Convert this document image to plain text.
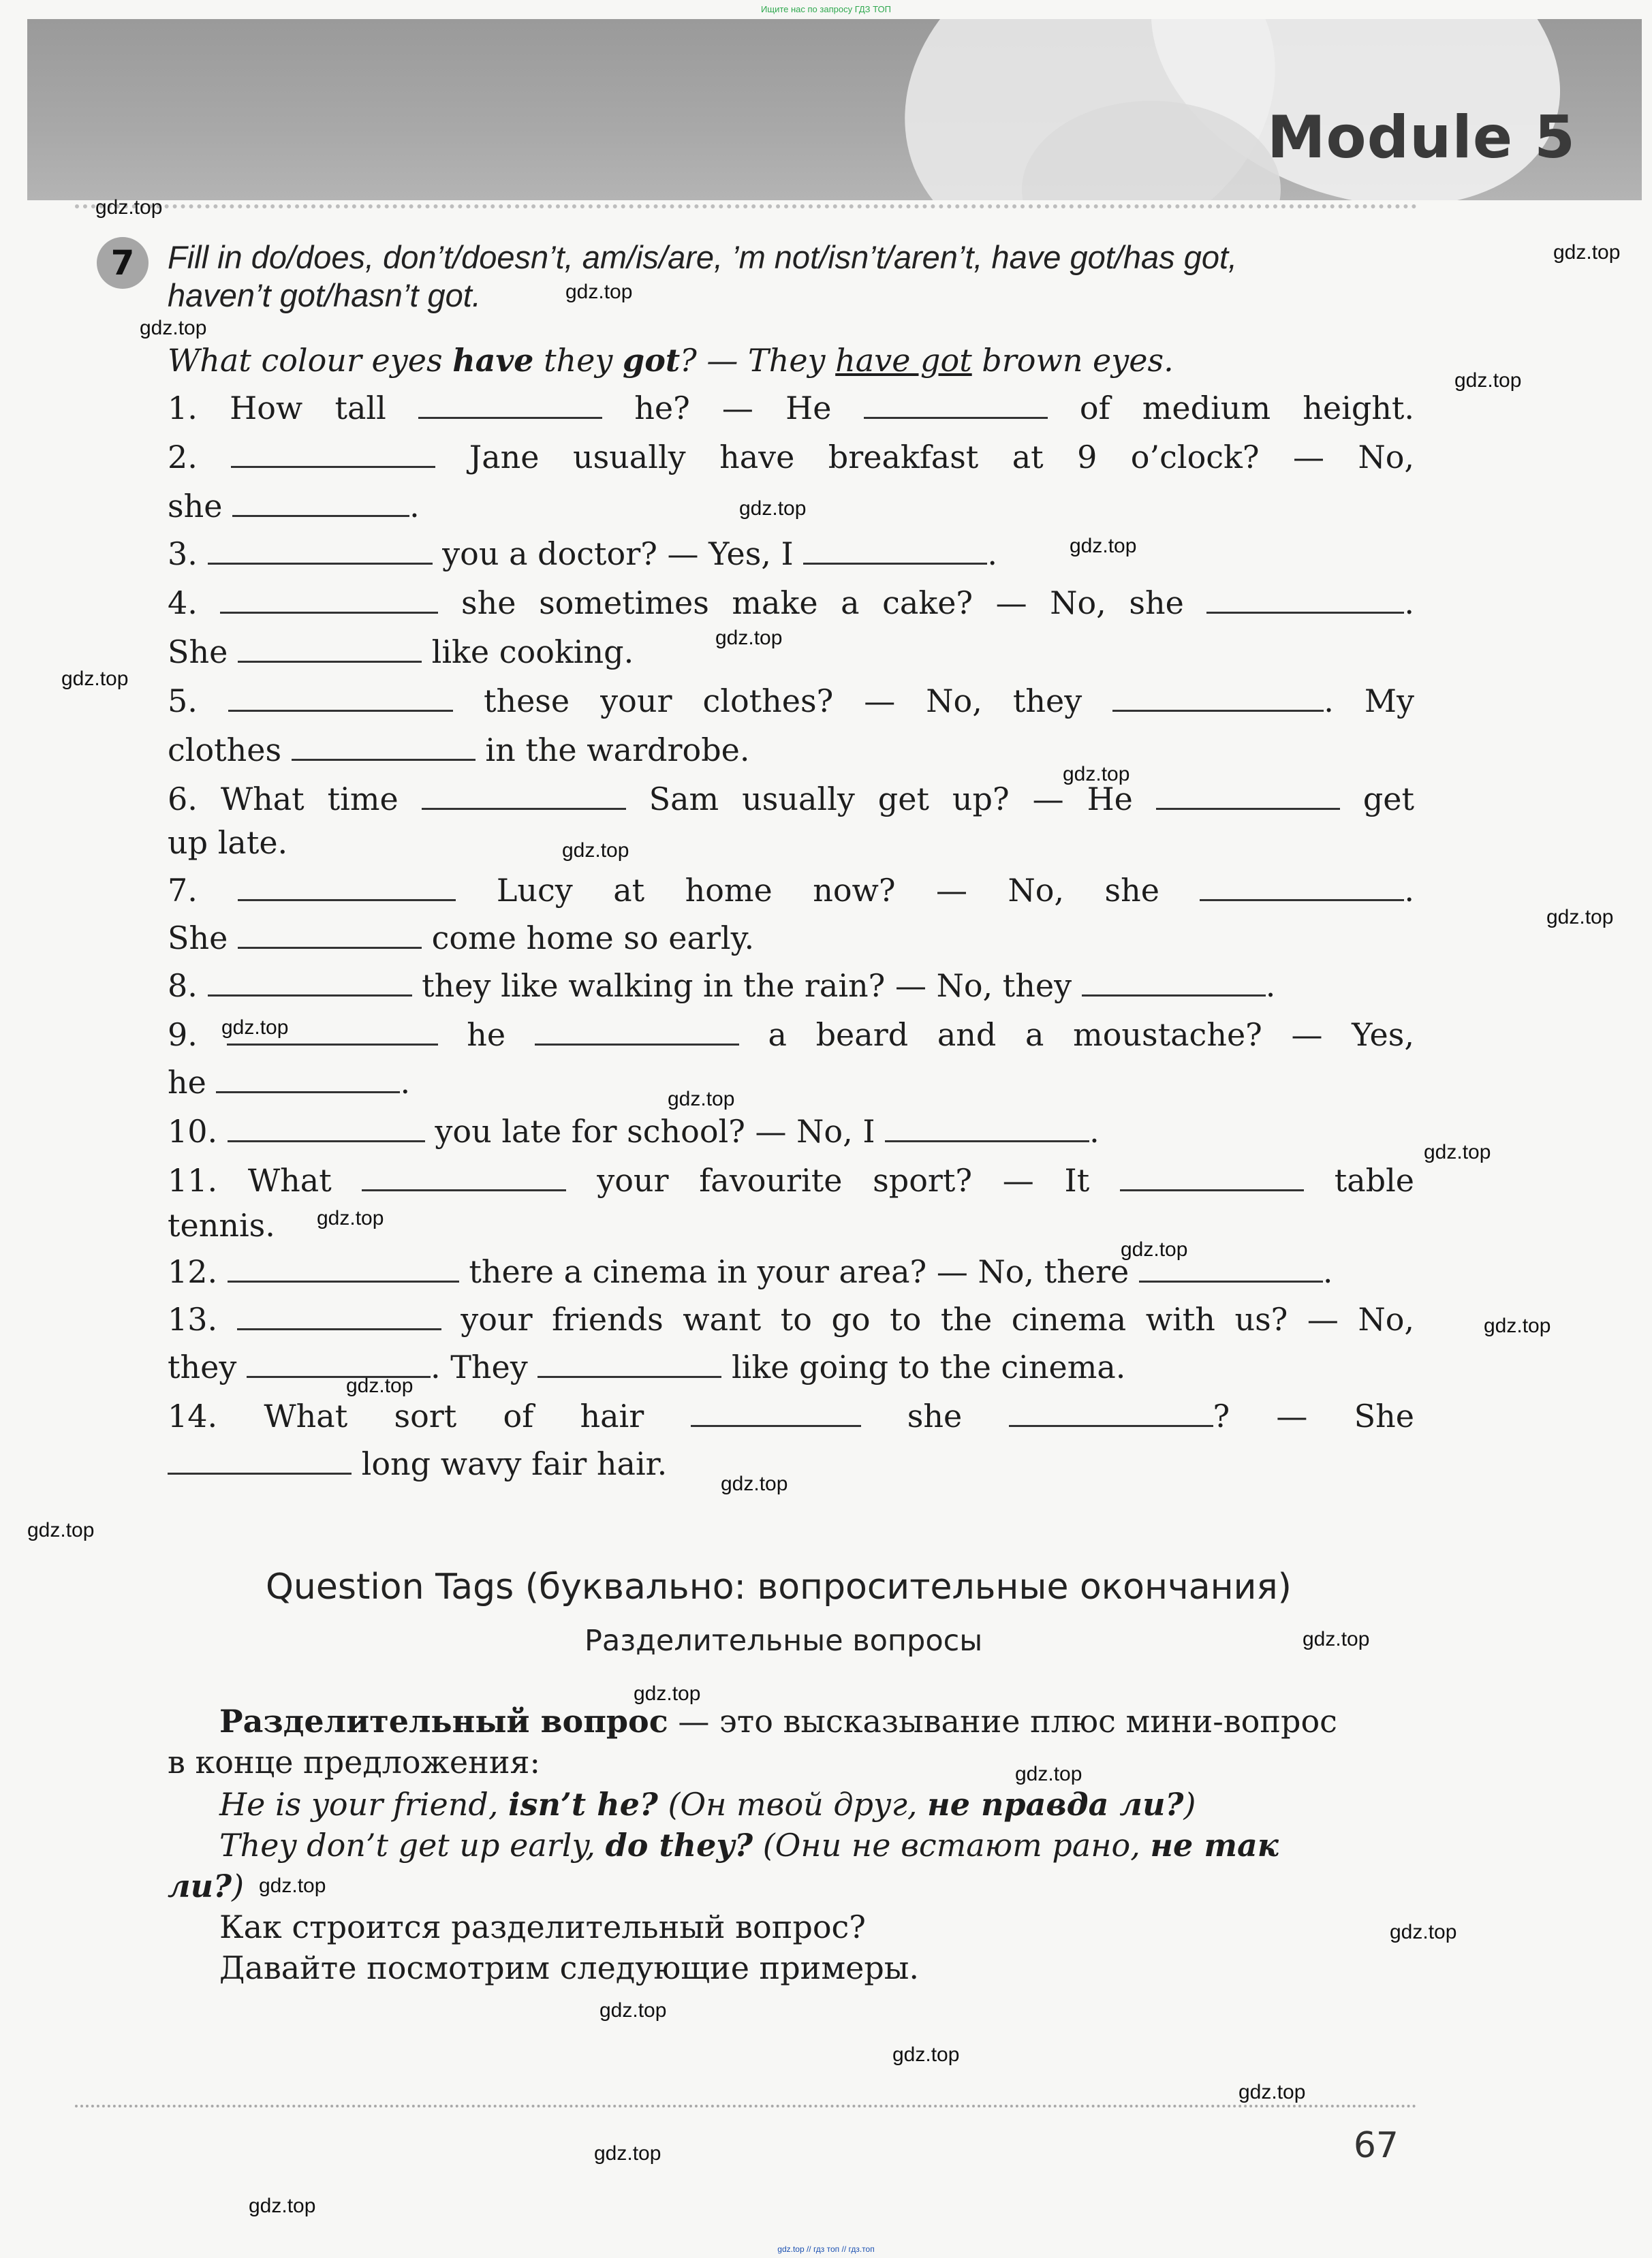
Ищите нас по запросу ГДЗ ТОП
Module 5
7	Fill in do/does, don’t/doesn’t, am/is/are, ’m not/isn’t/aren’t, have got/has got,
haven’t got/hasn’t got.
What colour eyes have they got? — They have got brown eyes.
1. How tall	he? — He	of medium height.
2.	Jane usually have breakfast at 9 o’clock? — No,
she	.
3.	you a doctor? — Yes, I	.
4.	she sometimes make a cake? — No, she	.
She	like cooking.
5.	these your clothes? — No, they	. My
clothes	in the wardrobe.
6. What time	Sam usually get up? — He	get
up late.
7.	Lucy at home now? — No, she	.
She	come home so early.
8.	they like walking in the rain? — No, they	.
9.	he	a beard and a moustache? — Yes,
he	.
10.	you late for school? — No, I	.
11. What	your favourite sport? — It	table
tennis.
12.	there a cinema in your area? — No, there	.
13.	your friends want to go to the cinema with us? — No,
they	. They	like going to the cinema.
14. What sort of hair	she	? — She
long wavy fair hair.
Question Tags (буквально: вопросительные окончания)
Разделительные вопросы
Разделительный вопрос — это высказывание плюс мини-вопрос
в конце предложения:
He is your friend, isn’t he? (Он твой друг, не правда ли?)
They don’t get up early, do they? (Они не встают рано, не так
ли?)
Как строится разделительный вопрос?
Давайте посмотрим следующие примеры.
67
gdz.top
gdz.top
gdz.top
gdz.top
gdz.top
gdz.top
gdz.top
gdz.top
gdz.top
gdz.top
gdz.top
gdz.top
gdz.top
gdz.top
gdz.top
gdz.top
gdz.top
gdz.top
gdz.top
gdz.top
gdz.top
gdz.top
gdz.top
gdz.top
gdz.top
gdz.top
gdz.top
gdz.top
gdz.top
gdz.top
gdz.top
gdz.top // гдз топ // гдз.топ
